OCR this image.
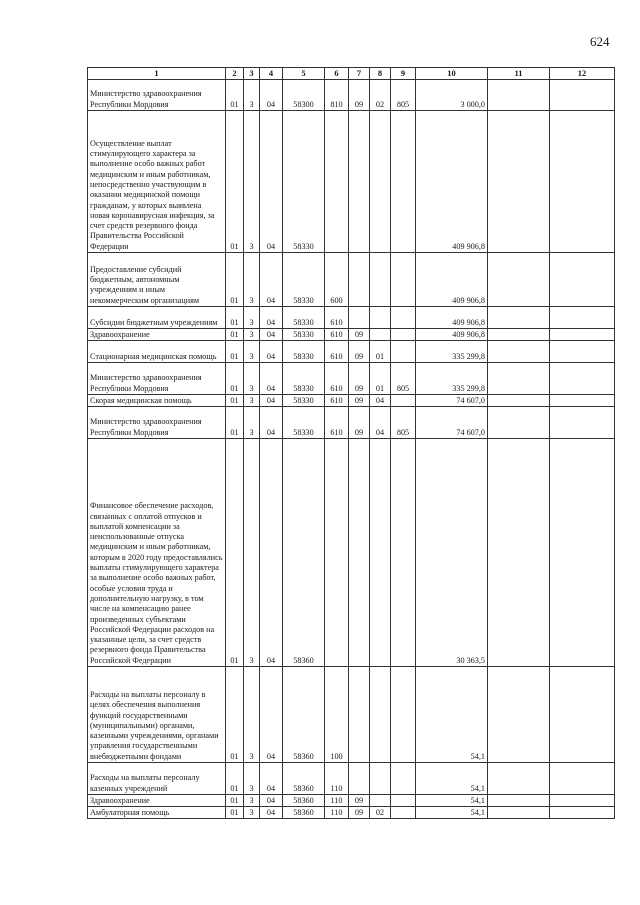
624
1	2	3	4	5	6	7	8	9	10	11	12
Министерство здравоохранения Республики Мордовия	01	3	04	58300	810	09	02	805	3 000,0		
Осуществление выплат стимулирующего характера за выполнение особо важных работ медицинским и иным работникам, непосредственно участвующим в оказании медицинской помощи гражданам, у которых выявлена новая коронавирусная инфекция, за счет средств резервного фонда Правительства Российской Федерации	01	3	04	58330					409 906,8		
Предоставление субсидий бюджетным, автономным учреждениям и иным некоммерческим организациям	01	3	04	58330	600				409 906,8		
Субсидии бюджетным учреждениям	01	3	04	58330	610				409 906,8		
Здравоохранение	01	3	04	58330	610	09			409 906,8		
Стационарная медицинская помощь	01	3	04	58330	610	09	01		335 299,8		
Министерство здравоохранения Республики Мордовия	01	3	04	58330	610	09	01	805	335 299,8		
Скорая медицинская помощь	01	3	04	58330	610	09	04		74 607,0		
Министерство здравоохранения Республики Мордовия	01	3	04	58330	610	09	04	805	74 607,0		
Финансовое обеспечение расходов, связанных с оплатой отпусков и выплатой компенсации за неиспользованные отпуска медицинским и иным работникам, которым в 2020 году предоставлялись выплаты стимулирующего характера за выполнение особо важных работ, особые условия труда и дополнительную нагрузку, в том числе на компенсацию ранее произведенных субъектами Российской Федерации расходов на указанные цели, за счет средств резервного фонда Правительства Российской Федерации	01	3	04	58360					30 363,5		
Расходы на выплаты персоналу в целях обеспечения выполнения функций государственными (муниципальными) органами, казенными учреждениями, органами управления государственными внебюджетными фондами	01	3	04	58360	100				54,1		
Расходы на выплаты персоналу казенных учреждений	01	3	04	58360	110				54,1		
Здравоохранение	01	3	04	58360	110	09			54,1		
Амбулаторная помощь	01	3	04	58360	110	09	02		54,1		
